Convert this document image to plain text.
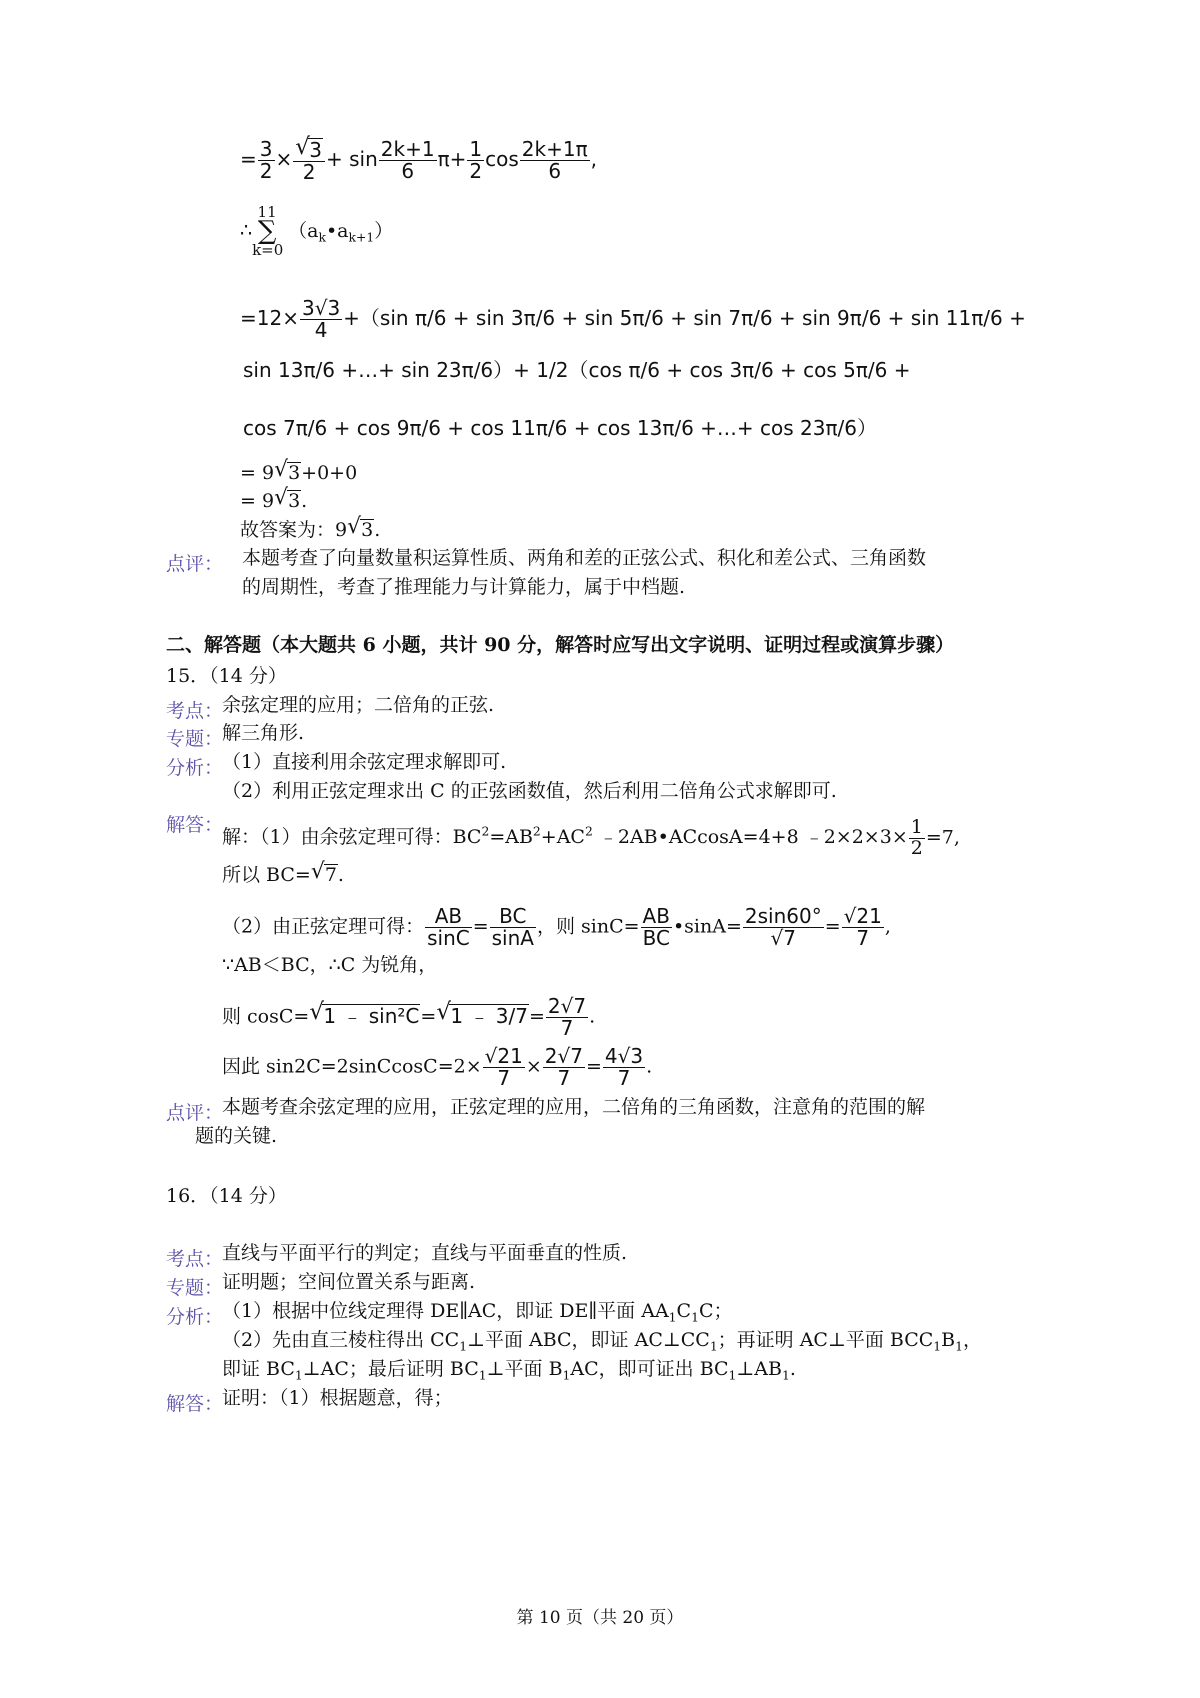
= $\frac{3}{2}$ × √ $\frac{3}{2} + \sin \frac{2k+1}{6} \pi+ \frac{1}{2}$ $\cos \frac{2k+1\pi}{6}$ ,
∴
11
∑
k=0
$(a_k•a_{k+1})$
$=12\times \frac{3√3}{4} +(\sin$ π/6 + sin 3π/6 + sin 5π/6 + sin 7π/6 + sin 9π/6 + sin 11π/6 +
sin 13π/6 +…+ sin 23π/6）+ 1/2（cos π/6 + cos 3π/6 + cos 5π/6 +
cos 7π/6 + cos 9π/6 + cos 11π/6 + cos 13π/6 +…+ cos 23π/6）
= 9 √ 3+0+0
= 9 √ 3.
故答案为：9 √ 3.
点评： 本题考查了向量数量积运算性质、两角和差的正弦公式、积化和差公式、三角函数
的周期性，考查了推理能力与计算能力，属于中档题.
二、解答题（本大题共 6 小题，共计 90 分，解答时应写出文字说明、证明过程或演算步骤）
15．（14 分）
考点：
余弦定理的应用；二倍角的正弦.
专题：
解三角形.
分析：
（1）直接利用余弦定理求解即可.
（2）利用正弦定理求出 C 的正弦函数值，然后利用二倍角公式求解即可.
解答：
解：（1）由余弦定理可得：$BC^2=AB^2+AC^2$ ﹣2AB•ACcosA=4+8 ﹣2×2×3× $\frac{1}{2} =7$,
所以 BC= √ 7.
（2）由正弦定理可得： $\frac{AB}{\sin C} = \frac{BC}{\sin A}$ ，则 $\sin C= \frac{AB}{BC}$ •sinA= $\frac{2\sin 60^\circ}{√7} = \frac{√21}{7}$ ,
∵AB＜BC，∴C 为锐角，
则 cosC= √ 1 ﹣ sin²C= √ 1 ﹣ $3/7= \frac{2√7}{7}$ .
因此 sin2C=2sinCcosC=2× $\frac{√21}{7} \times \frac{2√7}{7} = \frac{4√3}{7}$ .
点评：
本题考查余弦定理的应用，正弦定理的应用，二倍角的三角函数，注意角的范围的解
题的关键.
16．（14 分）
考点：
直线与平面平行的判定；直线与平面垂直的性质.
专题：
证明题；空间位置关系与距离.
分析：
（1）根据中位线定理得 DE∥AC，即证 DE∥平面 $AA_1C_1C$；
（2）先由直三棱柱得出 $CC_1\perp$平面 ABC，即证 $AC\perp CC_1$；再证明 AC⊥平面 $BCC_1B_1$，
即证 $BC_1\perp AC$；最后证明 $BC_1\perp$平面 $B_1AC$，即可证出 $BC_1\perp AB_1$.
解答：
证明：（1）根据题意，得；
第 10 页（共 20 页）
